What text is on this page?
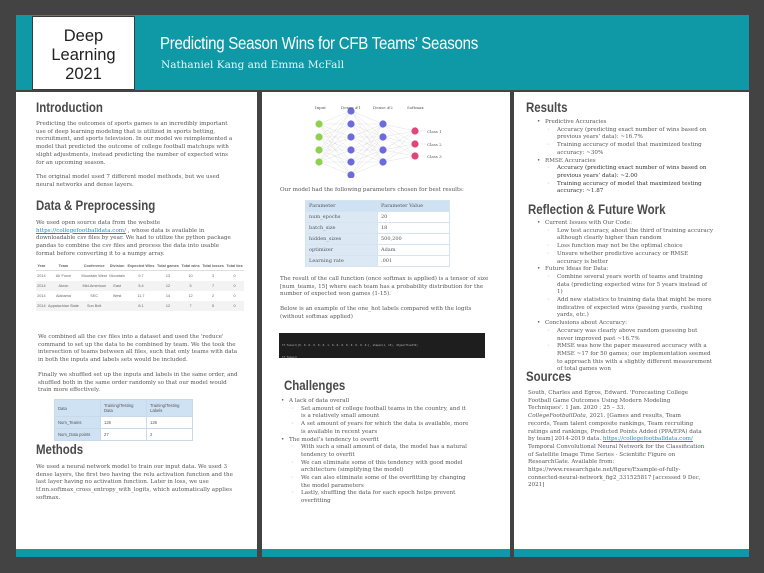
Deep
Learning
2021
Predicting Season Wins for CFB Teams’ Seasons
Nathaniel Kang and Emma McFall
Introduction

Predicting the outcomes of sports games is an incredibly important use of deep learning modeling that is utilized in sports betting, recruitment, and sports television. In our model we reimplemented a model that predicted the outcome of college football matchups with slight adjustments, instead predicting the number of expected wins for an upcoming season.

The original model used 7 different model methods, but we used neural networks and dense layers.

Data & Preprocessing

We used open source data from the website https://collegefootballdata.com/ , whose data is available in downloadable csv files by year. We had to utilize the python package pandas to combine the csv files and process the data into usable format before converting it to a numpy array.

Year	Team	Conference	Division	Expected Wins	Total games	Total wins	Total losses	Total ties
2014	Air Force	Mountain West	Mountain	9.7	13	10	3	0
2014	Akron	Mid-American	East	5.4	12	5	7	0
2014	Alabama	SEC	West	11.7	14	12	2	0
2014	Appalachian State	Sun Belt		8.1	12	7	5	0

We combined all the csv files into a dataset and used the 'reduce' command to set up the data to be combined by team. We the took the intersection of teams between all files, such that only teams with data in both the inputs and labels sets would be included.

Finally we shuffled set up the inputs and labels in the same order, and shuffled both in the same order randomly so that our model would train more effectively.

Data	Training/Testing Data	Training/Testing Labels
Num_Teams	126	126
Num_Data points	27	2
Methods

We used a neural network model to train our input data. We used 3 dense layers, the first two having the relu activation function and the last layer having no activation function. Later in loss, we use tf.nn.softmax_cross_entropy_with_logits, which automatically applies softmax.

Input	Dense #1	Dense #2	Softmax
Class 1
Class 2
Class 3

Our model had the following parameters chosen for best results:

Parameter	Parameter Value
num_epochs	20
batch_size	18
hidden_sizes	500,200
optimizer	Adam
Learning rate	.001

The result of the call function (once softmax is applied) is a tensor of size [num_teams, 15] where each team has a probability distribution for the number of expected won games (1-15).

Below is an example of the one_hot labels compared with the logits (without softmax applied)

tf.Tensor([0. 0. 0. 0. 0. 0. 1. 0. 0. 0. 0. 0. 0. 0. 0.], shape=(1, 15), dtype=float32)

tf.Tensor(

Challenges
• A lack of data overall
◦ Set amount of college football teams in the country, and it is a relatively small amount
◦ A set amount of years for which the data is available, more is available in recent years
• The model’s tendency to overfit
◦ With such a small amount of data, the model has a natural tendency to overfit
◦ We can eliminate some of this tendency with good model architecture (simplifying the model)
◦ We can also eliminate some of the overfitting by changing the model parameters
◦ Lastly, shuffling the data for each epoch helps prevent overfitting
Results
• Predictive Accuracies
◦ Accuracy (predicting exact number of wins based on previous years’ data): ~16.7%
◦ Training accuracy of model that maximized testing accuracy: ~30%
• RMSE Accuracies
◦ Accuracy (predicting exact number of wins based on previous years’ data): ~2.00
◦ Training accuracy of model that maximized testing accuracy: ~1.87
Reflection & Future Work
• Current Issues with Our Code:
◦ Low test accuracy, about the third of training accuracy although clearly higher than random
◦ Loss function may not be the optimal choice
◦ Unsure whether predictive accuracy or RMSE accuracy is better
• Future Ideas for Data:
◦ Combine several years worth of teams and training data (predicting expected wins for 5 years instead of 1)
◦ Add new statistics to training data that might be more indicative of expected wins (passing yards, rushing yards, etc.)
• Conclusions about Accuracy:
◦ Accuracy was clearly above random guessing but never improved past ~16.7%
◦ RMSE was how the paper measured accuracy with a RMSE ~17 for 50 games; our implementation seemed to approach this with a slightly different measurement of total games won
Sources

South, Charles and Egros, Edward. 'Forecasting College Football Game Outcomes Using Modern Modeling Techniques'. 1 Jan. 2020 : 25 – 33.

CollegeFootballData, 2021. [Games and results, Team records, Team talent composite rankings, Team recruiting ratings and rankings, Predicted Points Added (PPA/EPA) data by team] 2014-2019 data. https://collegefootballdata.com/

Temporal Convolutional Neural Network for the Classification of Satellite Image Time Series - Scientific Figure on ResearchGate. Available from: https://www.researchgate.net/figure/Example-of-fully-connected-neural-network_fig2_331525817 [accessed 9 Dec, 2021]
